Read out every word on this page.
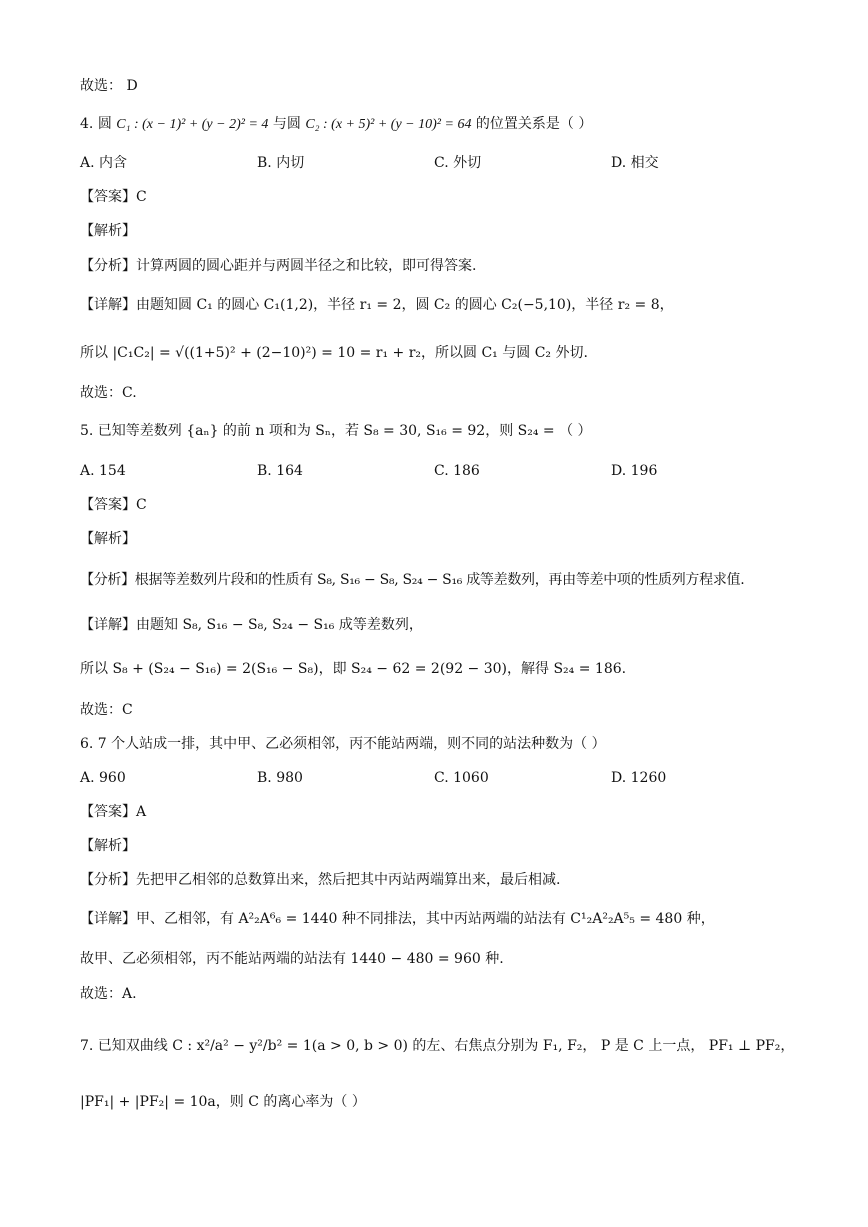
故选： D
4. 圆 C₁ : (x − 1)² + (y − 2)² = 4 与圆 C₂ : (x + 5)² + (y − 10)² = 64 的位置关系是（ ）
A. 内含	B. 内切	C. 外切	D. 相交
【答案】C
【解析】
【分析】计算两圆的圆心距并与两圆半径之和比较，即可得答案.
【详解】由题知圆 C₁ 的圆心 C₁(1,2)，半径 r₁ = 2，圆 C₂ 的圆心 C₂(−5,10)，半径 r₂ = 8，
所以 |C₁C₂| = √((1+5)² + (2−10)²) = 10 = r₁ + r₂，所以圆 C₁ 与圆 C₂ 外切.
故选：C.
5. 已知等差数列 {aₙ} 的前 n 项和为 Sₙ，若 S₈ = 30, S₁₆ = 92，则 S₂₄ = （ ）
A. 154	B. 164	C. 186	D. 196
【答案】C
【解析】
【分析】根据等差数列片段和的性质有 S₈, S₁₆ − S₈, S₂₄ − S₁₆ 成等差数列，再由等差中项的性质列方程求值.
【详解】由题知 S₈, S₁₆ − S₈, S₂₄ − S₁₆ 成等差数列，
所以 S₈ + (S₂₄ − S₁₆) = 2(S₁₆ − S₈)，即 S₂₄ − 62 = 2(92 − 30)，解得 S₂₄ = 186.
故选：C
6. 7 个人站成一排，其中甲、乙必须相邻，丙不能站两端，则不同的站法种数为（ ）
A. 960	B. 980	C. 1060	D. 1260
【答案】A
【解析】
【分析】先把甲乙相邻的总数算出来，然后把其中丙站两端算出来，最后相减.
【详解】甲、乙相邻，有 A²₂A⁶₆ = 1440 种不同排法，其中丙站两端的站法有 C¹₂A²₂A⁵₅ = 480 种，
故甲、乙必须相邻，丙不能站两端的站法有 1440 − 480 = 960 种.
故选：A.
7. 已知双曲线 C : x²/a² − y²/b² = 1(a > 0, b > 0) 的左、右焦点分别为 F₁, F₂， P 是 C 上一点， PF₁ ⊥ PF₂，
|PF₁| + |PF₂| = 10a，则 C 的离心率为（ ）
